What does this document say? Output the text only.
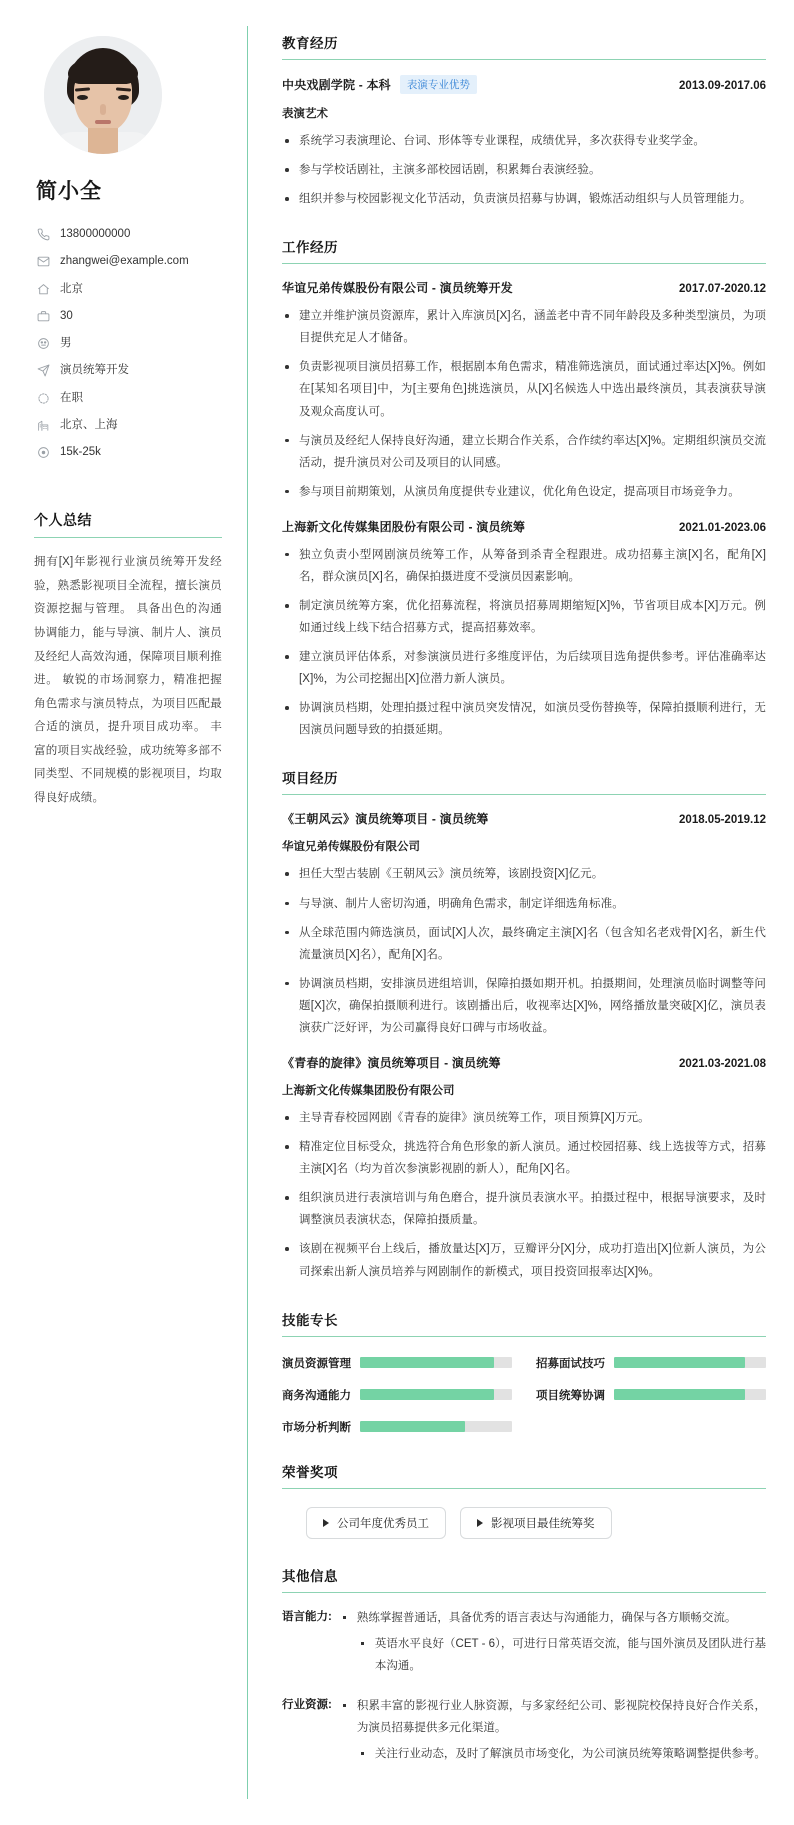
简小全
13800000000
zhangwei@example.com
北京
30
男
演员统筹开发
在职
北京、上海
15k-25k
个人总结

拥有[X]年影视行业演员统筹开发经验，熟悉影视项目全流程，擅长演员资源挖掘与管理。 具备出色的沟通协调能力，能与导演、制片人、演员及经纪人高效沟通，保障项目顺利推进。 敏锐的市场洞察力，精准把握角色需求与演员特点，为项目匹配最合适的演员，提升项目成功率。 丰富的项目实战经验，成功统筹多部不同类型、不同规模的影视项目，均取得良好成绩。

教育经历
中央戏剧学院 - 本科	表演专业优势	2013.09-2017.06
表演艺术
系统学习表演理论、台词、形体等专业课程，成绩优异，多次获得专业奖学金。
参与学校话剧社，主演多部校园话剧，积累舞台表演经验。
组织并参与校园影视文化节活动，负责演员招募与协调，锻炼活动组织与人员管理能力。
工作经历
华谊兄弟传媒股份有限公司 - 演员统筹开发	2017.07-2020.12
建立并维护演员资源库，累计入库演员[X]名，涵盖老中青不同年龄段及多种类型演员，为项目提供充足人才储备。
负责影视项目演员招募工作，根据剧本角色需求，精准筛选演员，面试通过率达[X]%。例如在[某知名项目]中，为[主要角色]挑选演员，从[X]名候选人中选出最终演员，其表演获导演及观众高度认可。
与演员及经纪人保持良好沟通，建立长期合作关系，合作续约率达[X]%。定期组织演员交流活动，提升演员对公司及项目的认同感。
参与项目前期策划，从演员角度提供专业建议，优化角色设定，提高项目市场竞争力。
上海新文化传媒集团股份有限公司 - 演员统筹	2021.01-2023.06
独立负责小型网剧演员统筹工作，从筹备到杀青全程跟进。成功招募主演[X]名，配角[X]名，群众演员[X]名，确保拍摄进度不受演员因素影响。
制定演员统筹方案，优化招募流程，将演员招募周期缩短[X]%，节省项目成本[X]万元。例如通过线上线下结合招募方式，提高招募效率。
建立演员评估体系，对参演演员进行多维度评估，为后续项目选角提供参考。评估准确率达[X]%，为公司挖掘出[X]位潜力新人演员。
协调演员档期，处理拍摄过程中演员突发情况，如演员受伤替换等，保障拍摄顺利进行，无因演员问题导致的拍摄延期。
项目经历
《王朝风云》演员统筹项目 - 演员统筹	2018.05-2019.12
华谊兄弟传媒股份有限公司
担任大型古装剧《王朝风云》演员统筹，该剧投资[X]亿元。
与导演、制片人密切沟通，明确角色需求，制定详细选角标准。
从全球范围内筛选演员，面试[X]人次，最终确定主演[X]名（包含知名老戏骨[X]名，新生代流量演员[X]名），配角[X]名。
协调演员档期，安排演员进组培训，保障拍摄如期开机。拍摄期间，处理演员临时调整等问题[X]次，确保拍摄顺利进行。该剧播出后，收视率达[X]%，网络播放量突破[X]亿，演员表演获广泛好评，为公司赢得良好口碑与市场收益。
《青春的旋律》演员统筹项目 - 演员统筹	2021.03-2021.08
上海新文化传媒集团股份有限公司
主导青春校园网剧《青春的旋律》演员统筹工作，项目预算[X]万元。
精准定位目标受众，挑选符合角色形象的新人演员。通过校园招募、线上选拔等方式，招募主演[X]名（均为首次参演影视剧的新人），配角[X]名。
组织演员进行表演培训与角色磨合，提升演员表演水平。拍摄过程中，根据导演要求，及时调整演员表演状态，保障拍摄质量。
该剧在视频平台上线后，播放量达[X]万，豆瓣评分[X]分，成功打造出[X]位新人演员，为公司探索出新人演员培养与网剧制作的新模式，项目投资回报率达[X]%。
技能专长
演员资源管理	招募面试技巧
商务沟通能力	项目统筹协调
市场分析判断
荣誉奖项
公司年度优秀员工	影视项目最佳统筹奖
其他信息
语言能力:	熟练掌握普通话，具备优秀的语言表达与沟通能力，确保与各方顺畅交流。
英语水平良好（CET - 6），可进行日常英语交流，能与国外演员及团队进行基本沟通。
行业资源:	积累丰富的影视行业人脉资源，与多家经纪公司、影视院校保持良好合作关系，为演员招募提供多元化渠道。
关注行业动态，及时了解演员市场变化，为公司演员统筹策略调整提供参考。
